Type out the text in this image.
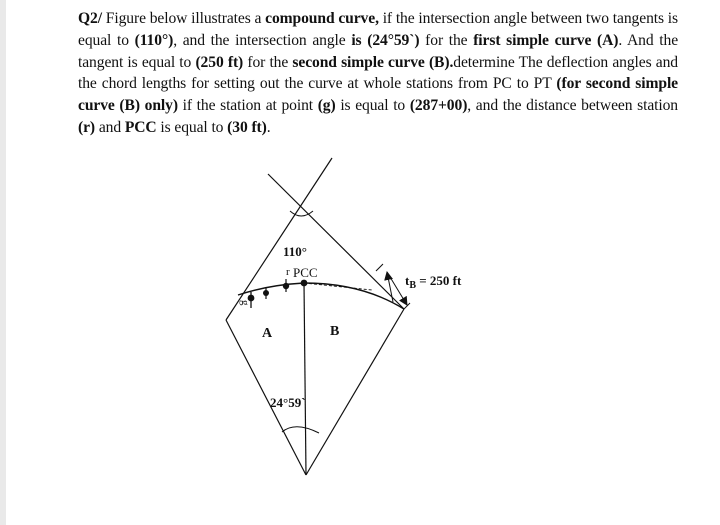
Q2/ Figure below illustrates a compound curve, if the intersection angle between two tangents is equal to (110°), and the intersection angle is (24°59`) for the first simple curve (A). And the tangent is equal to (250 ft) for the second simple curve (B).determine The deflection angles and the chord lengths for setting out the curve at whole stations from PC to PT (for second simple curve (B) only) if the station at point (g) is equal to (287+00), and the distance between station (r) and PCC is equal to (30 ft).
110°
PCC
r
g
A	B
24°59`
$t_B = 250$ ft
